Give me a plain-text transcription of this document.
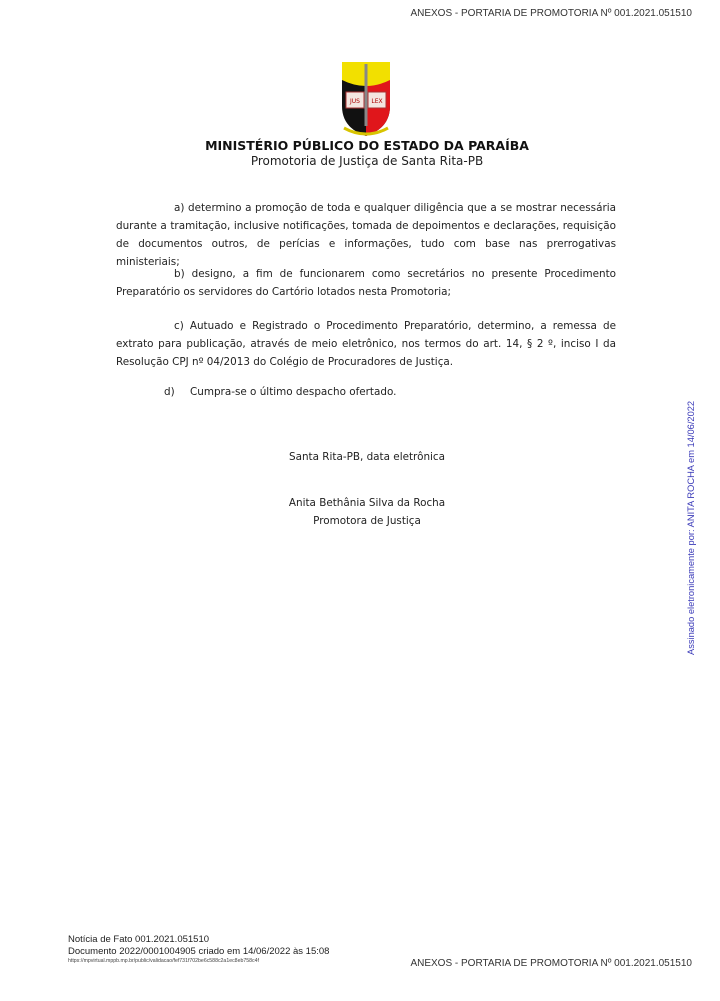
ANEXOS - PORTARIA DE PROMOTORIA Nº 001.2021.051510
JUS LEX
MINISTÉRIO PÚBLICO DO ESTADO DA PARAÍBA
Promotoria de Justiça de Santa Rita-PB

a) determino a promoção de toda e qualquer diligência que a se mostrar necessária durante a tramitação, inclusive notificações, tomada de depoimentos e declarações, requisição de documentos outros, de perícias e informações, tudo com base nas prerrogativas ministeriais;

b) designo, a fim de funcionarem como secretários no presente Procedimento Preparatório os servidores do Cartório lotados nesta Promotoria;

c) Autuado e Registrado o Procedimento Preparatório, determino, a remessa de extrato para publicação, através de meio eletrônico, nos termos do art. 14, § 2 º, inciso I da Resolução CPJ nº 04/2013 do Colégio de Procuradores de Justiça.

d) Cumpra-se o último despacho ofertado.
Santa Rita-PB, data eletrônica
Anita Bethânia Silva da Rocha
Promotora de Justiça	Assinado eletronicamente por: ANITA ROCHA em 14/06/2022
Notícia de Fato 001.2021.051510
Documento 2022/0001004905 criado em 14/06/2022 às 15:08
https://mpvirtual.mppb.mp.br/public/validacao/fef731f702be6c588c2a1ec8eb758c4f	ANEXOS - PORTARIA DE PROMOTORIA Nº 001.2021.051510
